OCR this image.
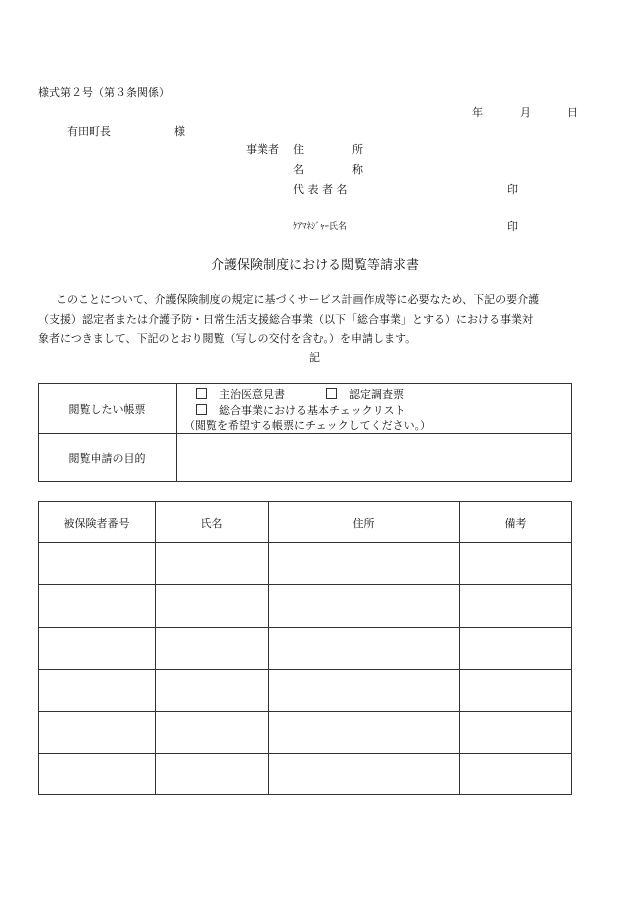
様式第２号（第３条関係）
年	月	日
有田町長	様
事業者 住	所
名	称
代 表 者 名	印
ｹｱﾏﾈｼﾞｬｰ氏名	印
介護保険制度における閲覧等請求書
このことについて、介護保険制度の規定に基づくサービス計画作成等に必要なため、下記の要介護
（支援）認定者または介護予防・日常生活支援総合事業（以下「総合事業」とする）における事業対
象者につきまして、下記のとおり閲覧（写しの交付を含む。）を申請します。
記
閲覧したい帳票
主治医意見書	認定調査票
総合事業における基本チェックリスト
（閲覧を希望する帳票にチェックしてください。）
閲覧申請の目的
被保険者番号	氏名	住所	備考
